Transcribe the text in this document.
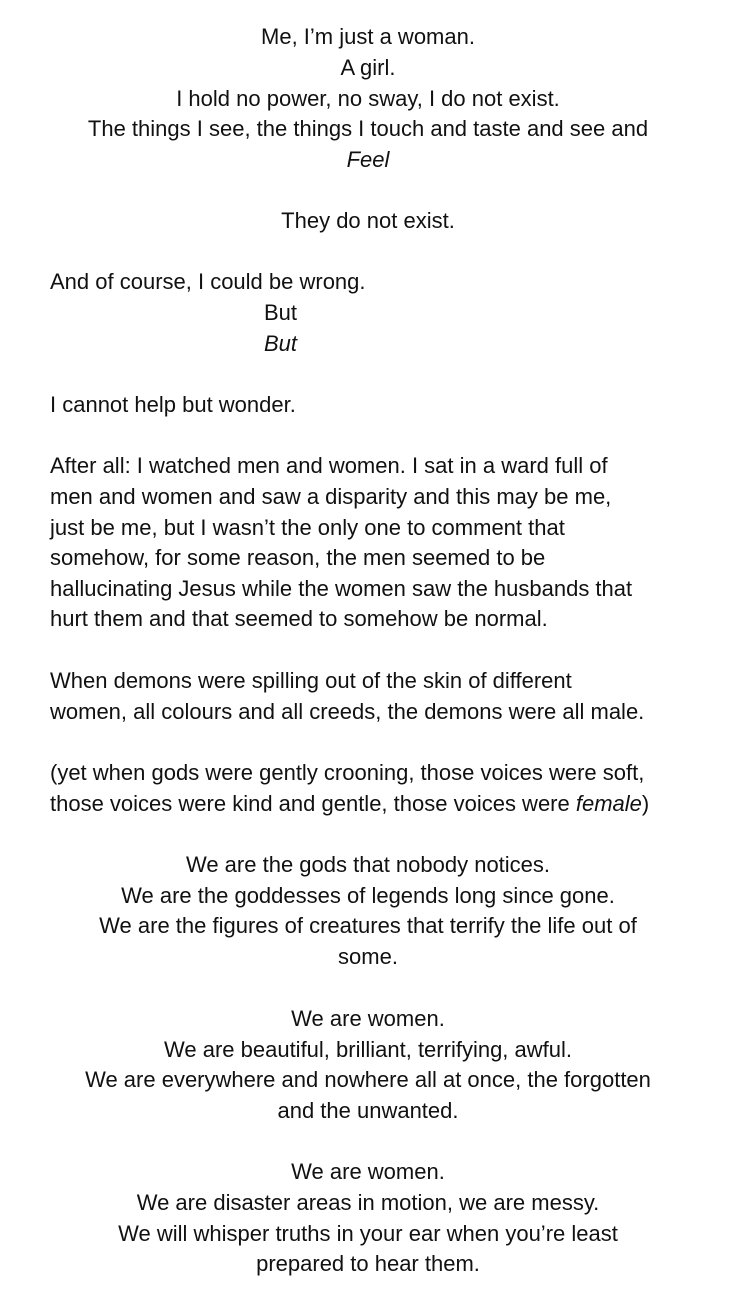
Me, I’m just a woman.
A girl.
I hold no power, no sway, I do not exist.
The things I see, the things I touch and taste and see and
Feel
They do not exist.
And of course, I could be wrong.
But
But
I cannot help but wonder.
After all: I watched men and women. I sat in a ward full of
men and women and saw a disparity and this may be me,
just be me, but I wasn’t the only one to comment that
somehow, for some reason, the men seemed to be
hallucinating Jesus while the women saw the husbands that
hurt them and that seemed to somehow be normal.
When demons were spilling out of the skin of different
women, all colours and all creeds, the demons were all male.
(yet when gods were gently crooning, those voices were soft,
those voices were kind and gentle, those voices were female)
We are the gods that nobody notices.
We are the goddesses of legends long since gone.
We are the figures of creatures that terrify the life out of
some.
We are women.
We are beautiful, brilliant, terrifying, awful.
We are everywhere and nowhere all at once, the forgotten
and the unwanted.
We are women.
We are disaster areas in motion, we are messy.
We will whisper truths in your ear when you’re least
prepared to hear them.
